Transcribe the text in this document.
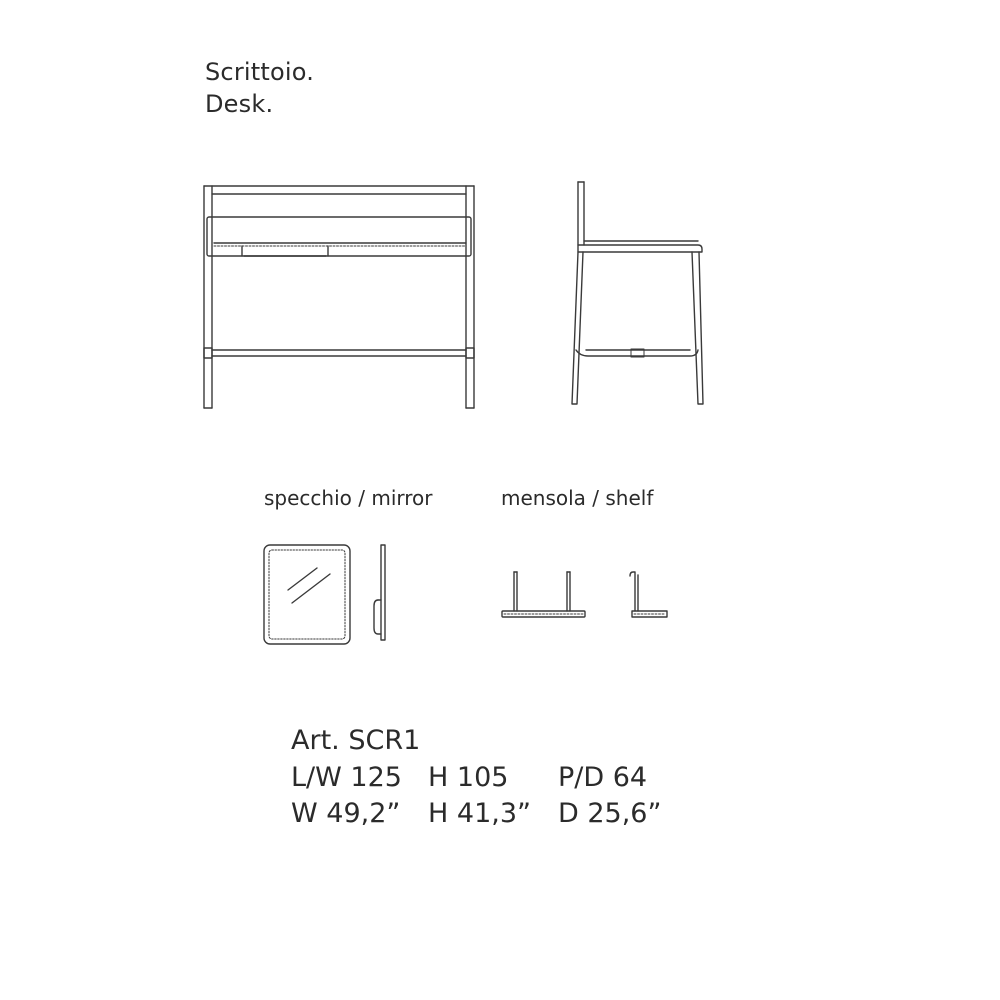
Scrittoio.
Desk.
specchio / mirror	mensola / shelf
Art. SCR1
L/W 125 H 105 P/D 64
W 49,2” H 41,3” D 25,6”
